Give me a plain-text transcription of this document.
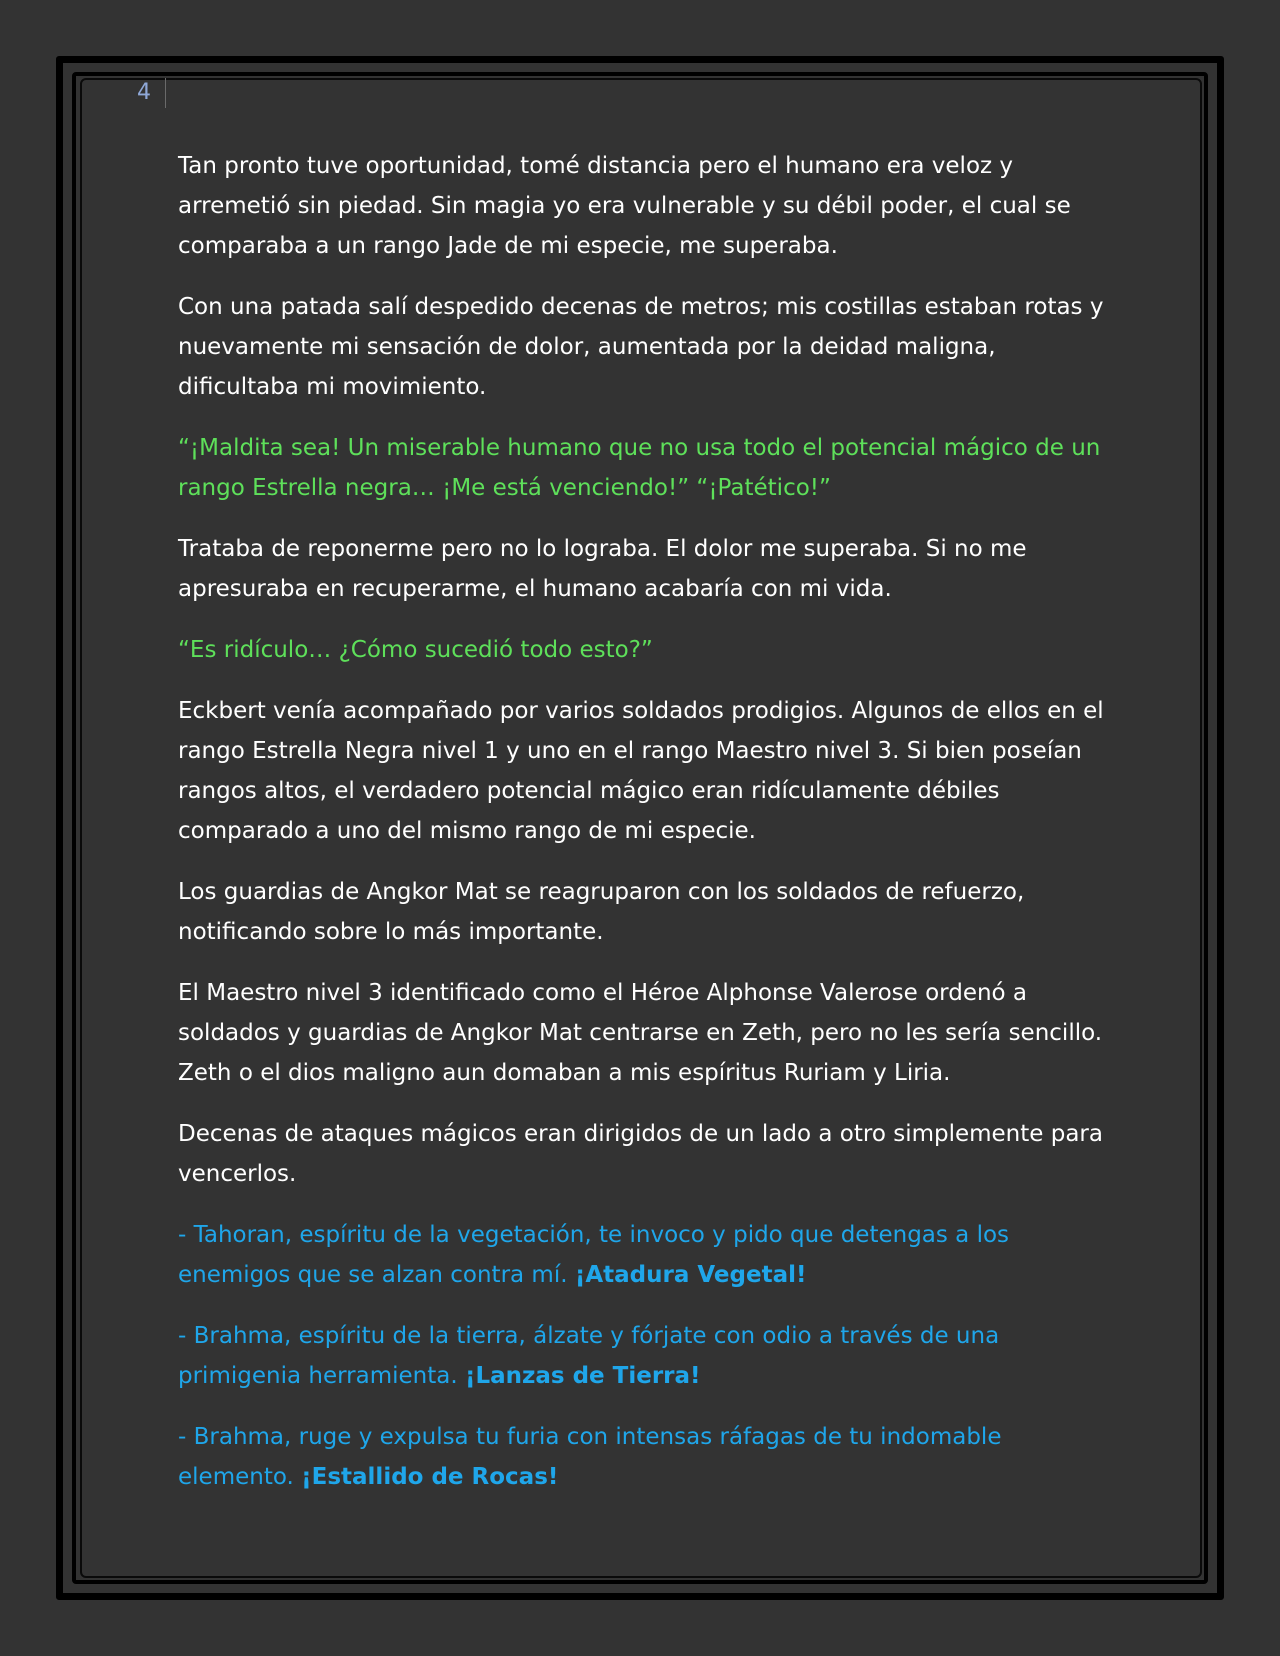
4

Tan pronto tuve oportunidad, tomé distancia pero el humano era veloz y arremetió sin piedad. Sin magia yo era vulnerable y su débil poder, el cual se comparaba a un rango Jade de mi especie, me superaba.

Con una patada salí despedido decenas de metros; mis costillas estaban rotas y nuevamente mi sensación de dolor, aumentada por la deidad maligna, dificultaba mi movimiento.

“¡Maldita sea! Un miserable humano que no usa todo el potencial mágico de un rango Estrella negra… ¡Me está venciendo!” “¡Patético!”

Trataba de reponerme pero no lo lograba. El dolor me superaba. Si no me apresuraba en recuperarme, el humano acabaría con mi vida.

“Es ridículo… ¿Cómo sucedió todo esto?”

Eckbert venía acompañado por varios soldados prodigios. Algunos de ellos en el rango Estrella Negra nivel 1 y uno en el rango Maestro nivel 3. Si bien poseían rangos altos, el verdadero potencial mágico eran ridículamente débiles comparado a uno del mismo rango de mi especie.

Los guardias de Angkor Mat se reagruparon con los soldados de refuerzo, notificando sobre lo más importante.

El Maestro nivel 3 identificado como el Héroe Alphonse Valerose ordenó a soldados y guardias de Angkor Mat centrarse en Zeth, pero no les sería sencillo. Zeth o el dios maligno aun domaban a mis espíritus Ruriam y Liria.

Decenas de ataques mágicos eran dirigidos de un lado a otro simplemente para vencerlos.

- Tahoran, espíritu de la vegetación, te invoco y pido que detengas a los enemigos que se alzan contra mí. ¡Atadura Vegetal!

- Brahma, espíritu de la tierra, álzate y fórjate con odio a través de una primigenia herramienta. ¡Lanzas de Tierra!

- Brahma, ruge y expulsa tu furia con intensas ráfagas de tu indomable elemento. ¡Estallido de Rocas!
